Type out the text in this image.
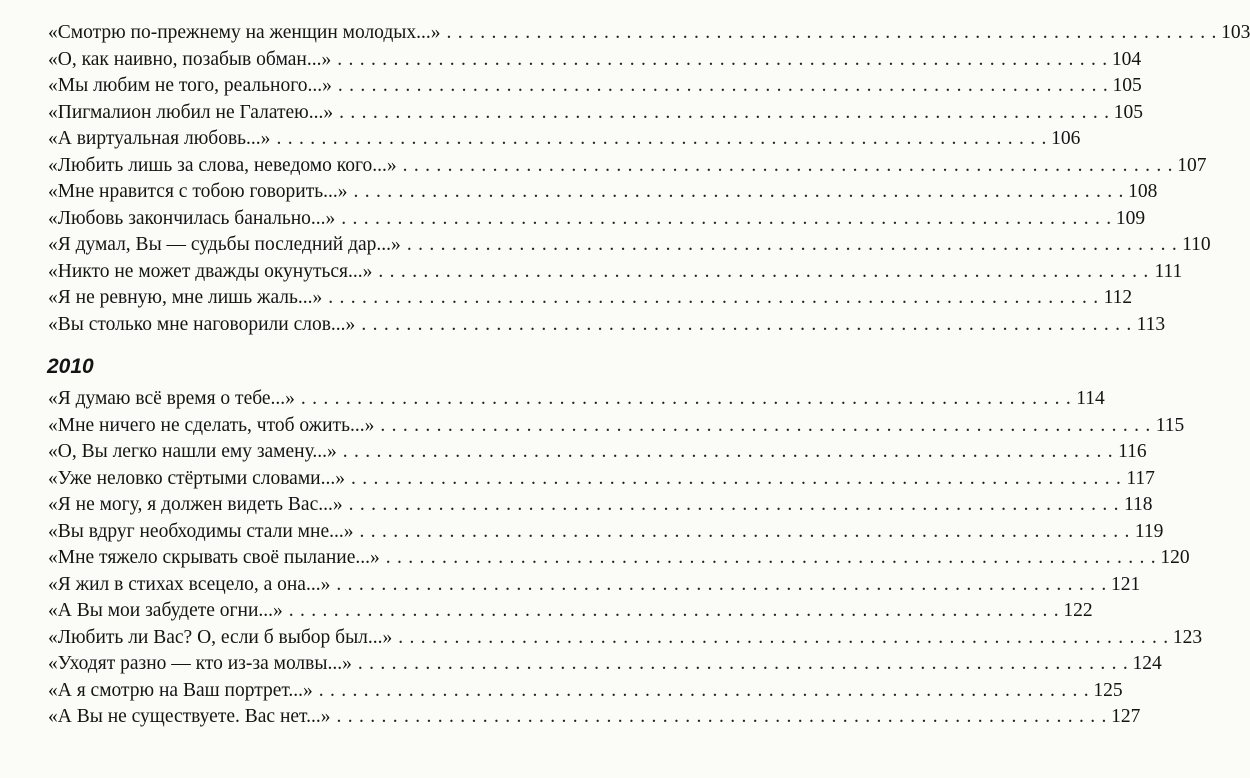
«Смотрю по-прежнему на женщин молодых...» . . .	103
«О, как наивно, позабыв обман...» . . .	104
«Мы любим не того, реального...» . . .	105
«Пигмалион любил не Галатею...» . . .	105
«А виртуальная любовь...» . . .	106
«Любить лишь за слова, неведомо кого...» . . .	107
«Мне нравится с тобою говорить...» . . .	108
«Любовь закончилась банально...» . . .	109
«Я думал, Вы — судьбы последний дар...» . . .	110
«Никто не может дважды окунуться...» . . .	111
«Я не ревную, мне лишь жаль...» . . .	112
«Вы столько мне наговорили слов...» . . .	113
2010
«Я думаю всё время о тебе...» . . .	114
«Мне ничего не сделать, чтоб ожить...» . . .	115
«О, Вы легко нашли ему замену...» . . .	116
«Уже неловко стёртыми словами...» . . .	117
«Я не могу, я должен видеть Вас...» . . .	118
«Вы вдруг необходимы стали мне...» . . .	119
«Мне тяжело скрывать своё пылание...» . . .	120
«Я жил в стихах всецело, а она...» . . .	121
«А Вы мои забудете огни...» . . .	122
«Любить ли Вас? О, если б выбор был...» . . .	123
«Уходят разно — кто из-за молвы...» . . .	124
«А я смотрю на Ваш портрет...» . . .	125
«А Вы не существуете. Вас нет...» . . .	127
